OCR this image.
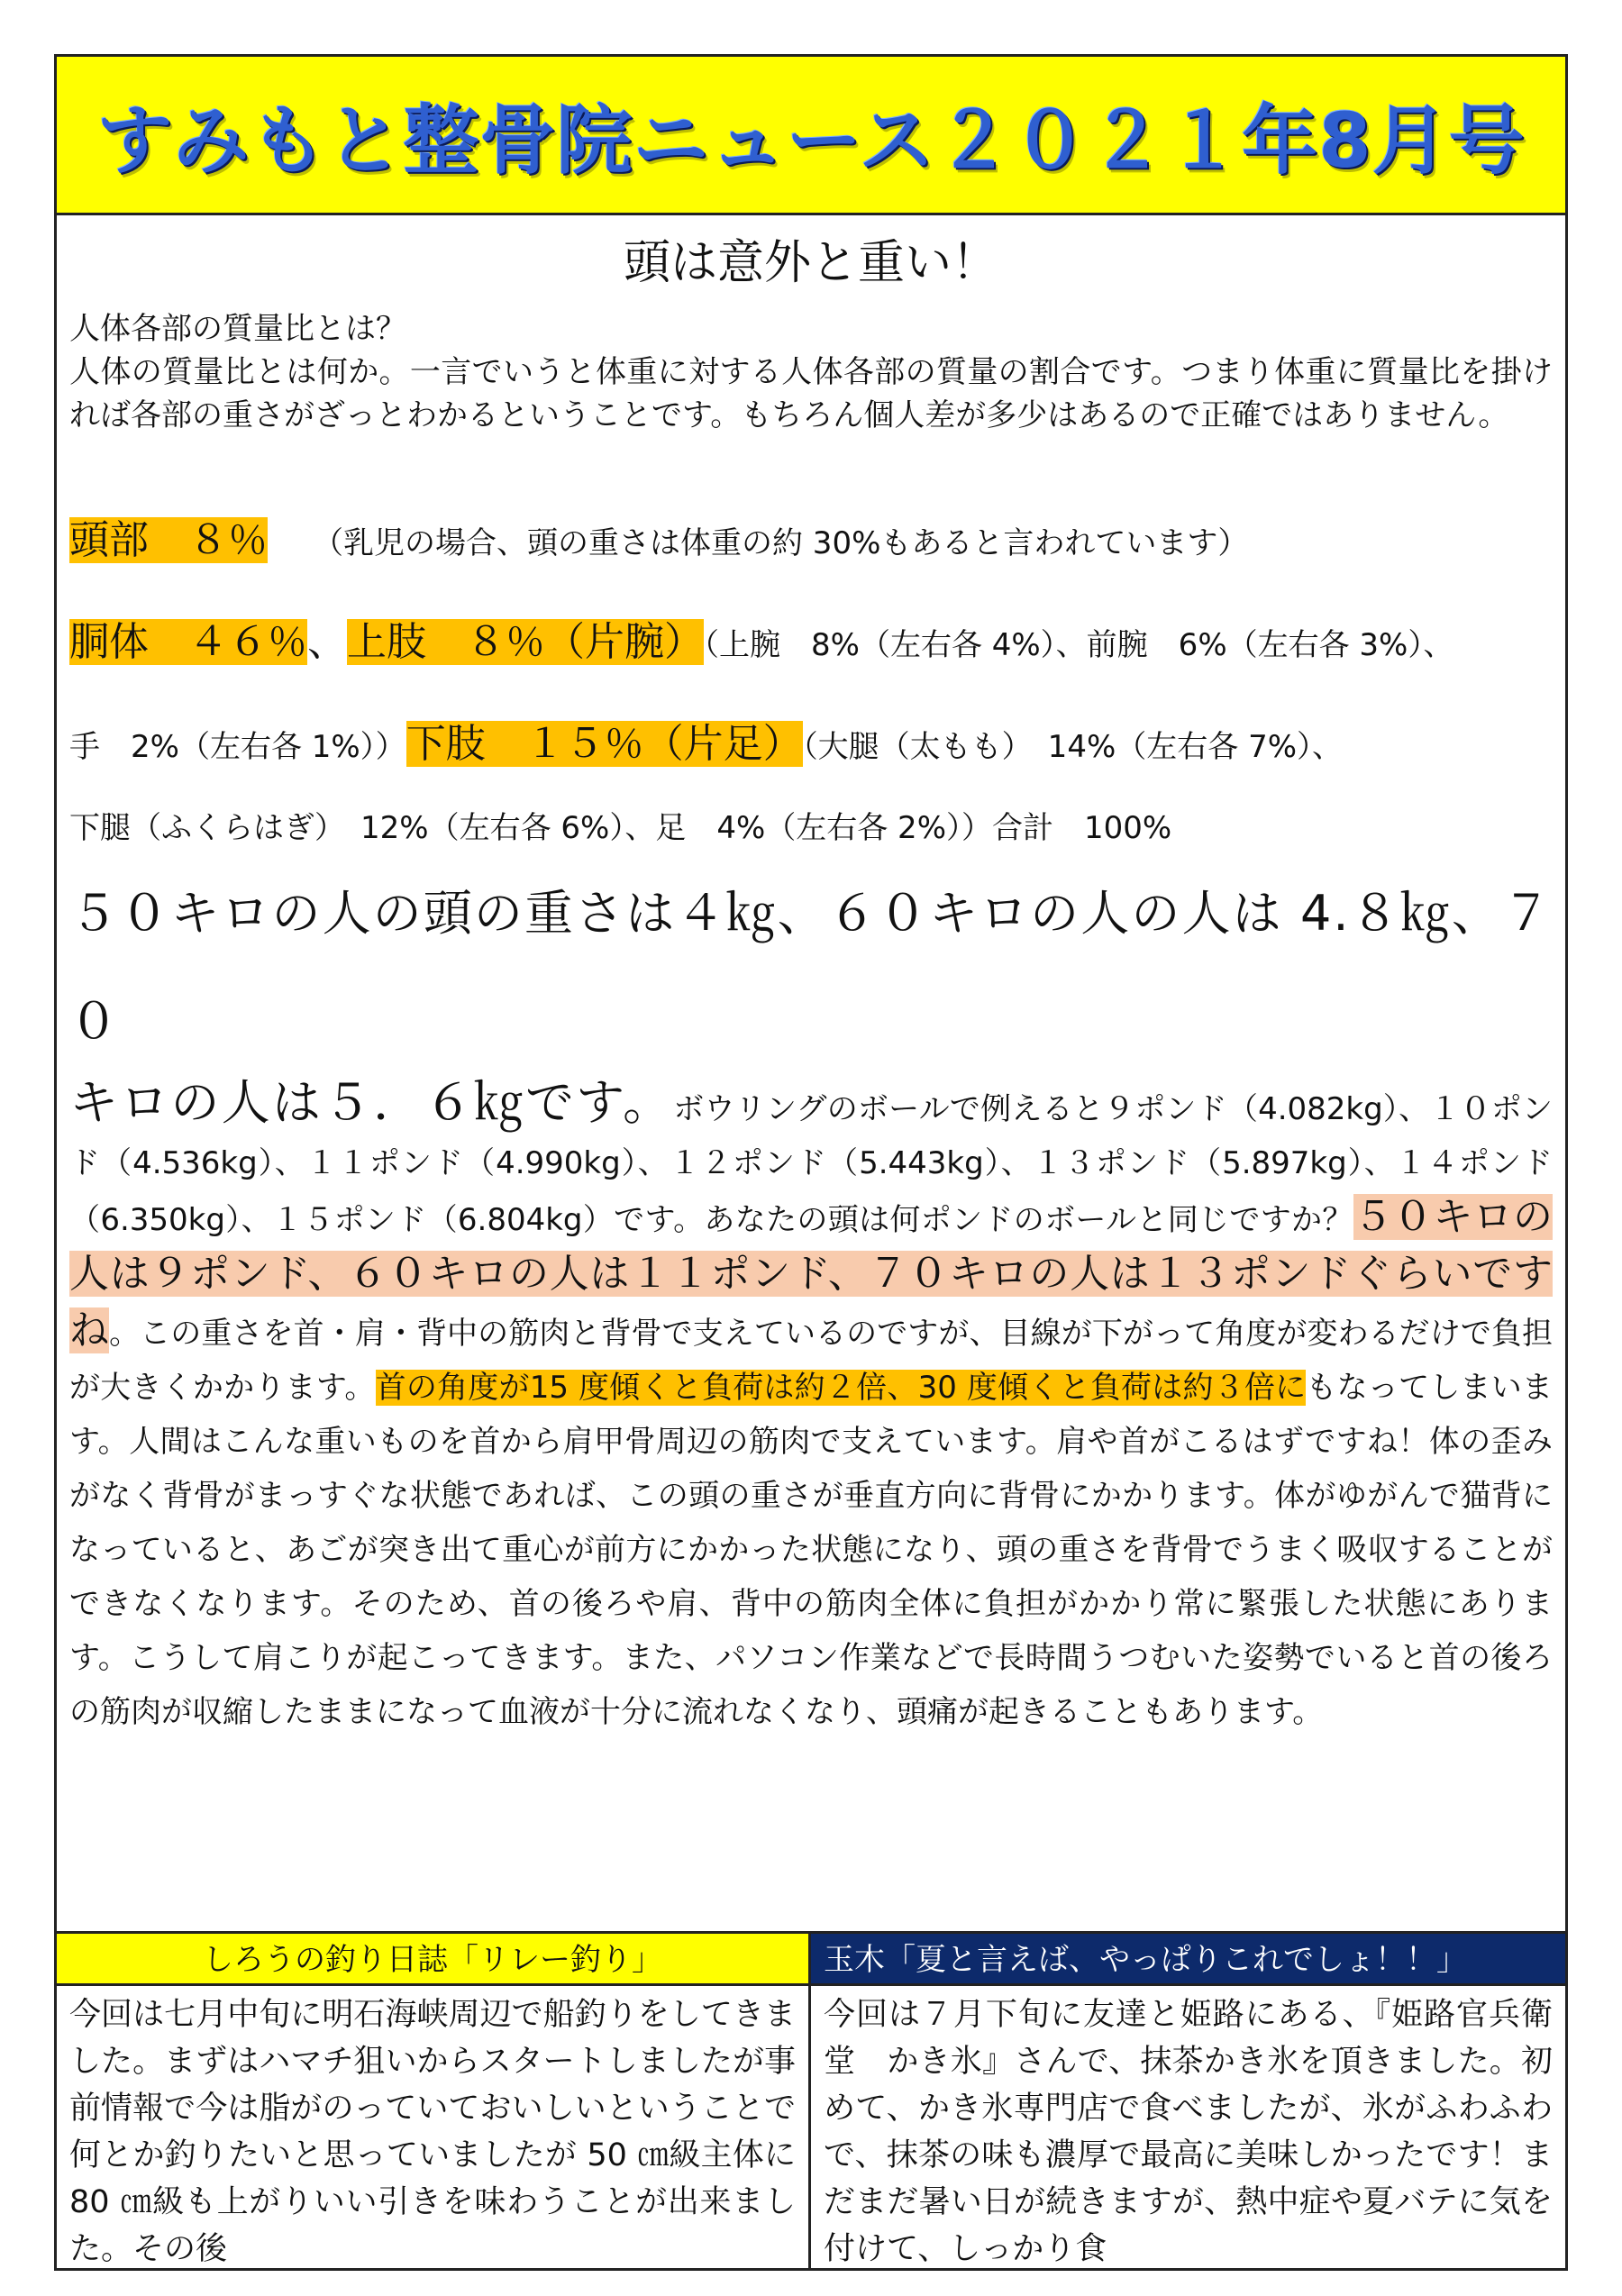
すみもと整骨院ニュース２０２１年8月号
頭は意外と重い！

人体各部の質量比とは？

人体の質量比とは何か。一言でいうと体重に対する人体各部の質量の割合です。つまり体重に質量比を掛ければ各部の重さがざっとわかるということです。もちろん個人差が多少はあるので正確ではありません。

頭部　８％ （乳児の場合、頭の重さは体重の約 30%もあると言われています）

胴体　４６％、上肢　８％（片腕）（上腕　8%（左右各 4%）、前腕　6%（左右各 3%）、

手　2%（左右各 1%））下肢　１５％（片足）（大腿（太もも）　14%（左右各 7%）、

下腿（ふくらはぎ）　12%（左右各 6%）、足　4%（左右各 2%））合計　100%

５０キロの人の頭の重さは４㎏、６０キロの人の人は 4.８㎏、７０

キロの人は５．６㎏です。ボウリングのボールで例えると９ポンド（4.082kg）、１０ポンド（4.536kg）、１１ポンド（4.990kg）、１２ポンド（5.443kg）、１３ポンド（5.897kg）、１４ポンド（6.350kg）、１５ポンド（6.804kg）です。あなたの頭は何ポンドのボールと同じですか？５０キロの人は９ポンド、６０キロの人は１１ポンド、７０キロの人は１３ポンドぐらいですね。この重さを首・肩・背中の筋肉と背骨で支えているのですが、目線が下がって角度が変わるだけで負担が大きくかかります。首の角度が15 度傾くと負荷は約２倍、30 度傾くと負荷は約３倍にもなってしまいます。人間はこんな重いものを首から肩甲骨周辺の筋肉で支えています。肩や首がこるはずですね！体の歪みがなく背骨がまっすぐな状態であれば、この頭の重さが垂直方向に背骨にかかります。体がゆがんで猫背になっていると、あごが突き出て重心が前方にかかった状態になり、頭の重さを背骨でうまく吸収することができなくなります。そのため、首の後ろや肩、背中の筋肉全体に負担がかかり常に緊張した状態にあります。こうして肩こりが起こってきます。また、パソコン作業などで長時間うつむいた姿勢でいると首の後ろの筋肉が収縮したままになって血液が十分に流れなくなり、頭痛が起きることもあります。

しろうの釣り日誌「リレー釣り」
今回は七月中旬に明石海峡周辺で船釣りをしてきました。まずはハマチ狙いからスタートしましたが事前情報で今は脂がのっていておいしいということで何とか釣りたいと思っていましたが 50 ㎝級主体に 80 ㎝級も上がりいい引きを味わうことが出来ました。その後
玉木「夏と言えば、やっぱりこれでしょ！！」
今回は７月下旬に友達と姫路にある、『姫路官兵衛堂　かき氷』さんで、抹茶かき氷を頂きました。初めて、かき氷専門店で食べましたが、氷がふわふわで、抹茶の味も濃厚で最高に美味しかったです！まだまだ暑い日が続きますが、熱中症や夏バテに気を付けて、しっかり食
